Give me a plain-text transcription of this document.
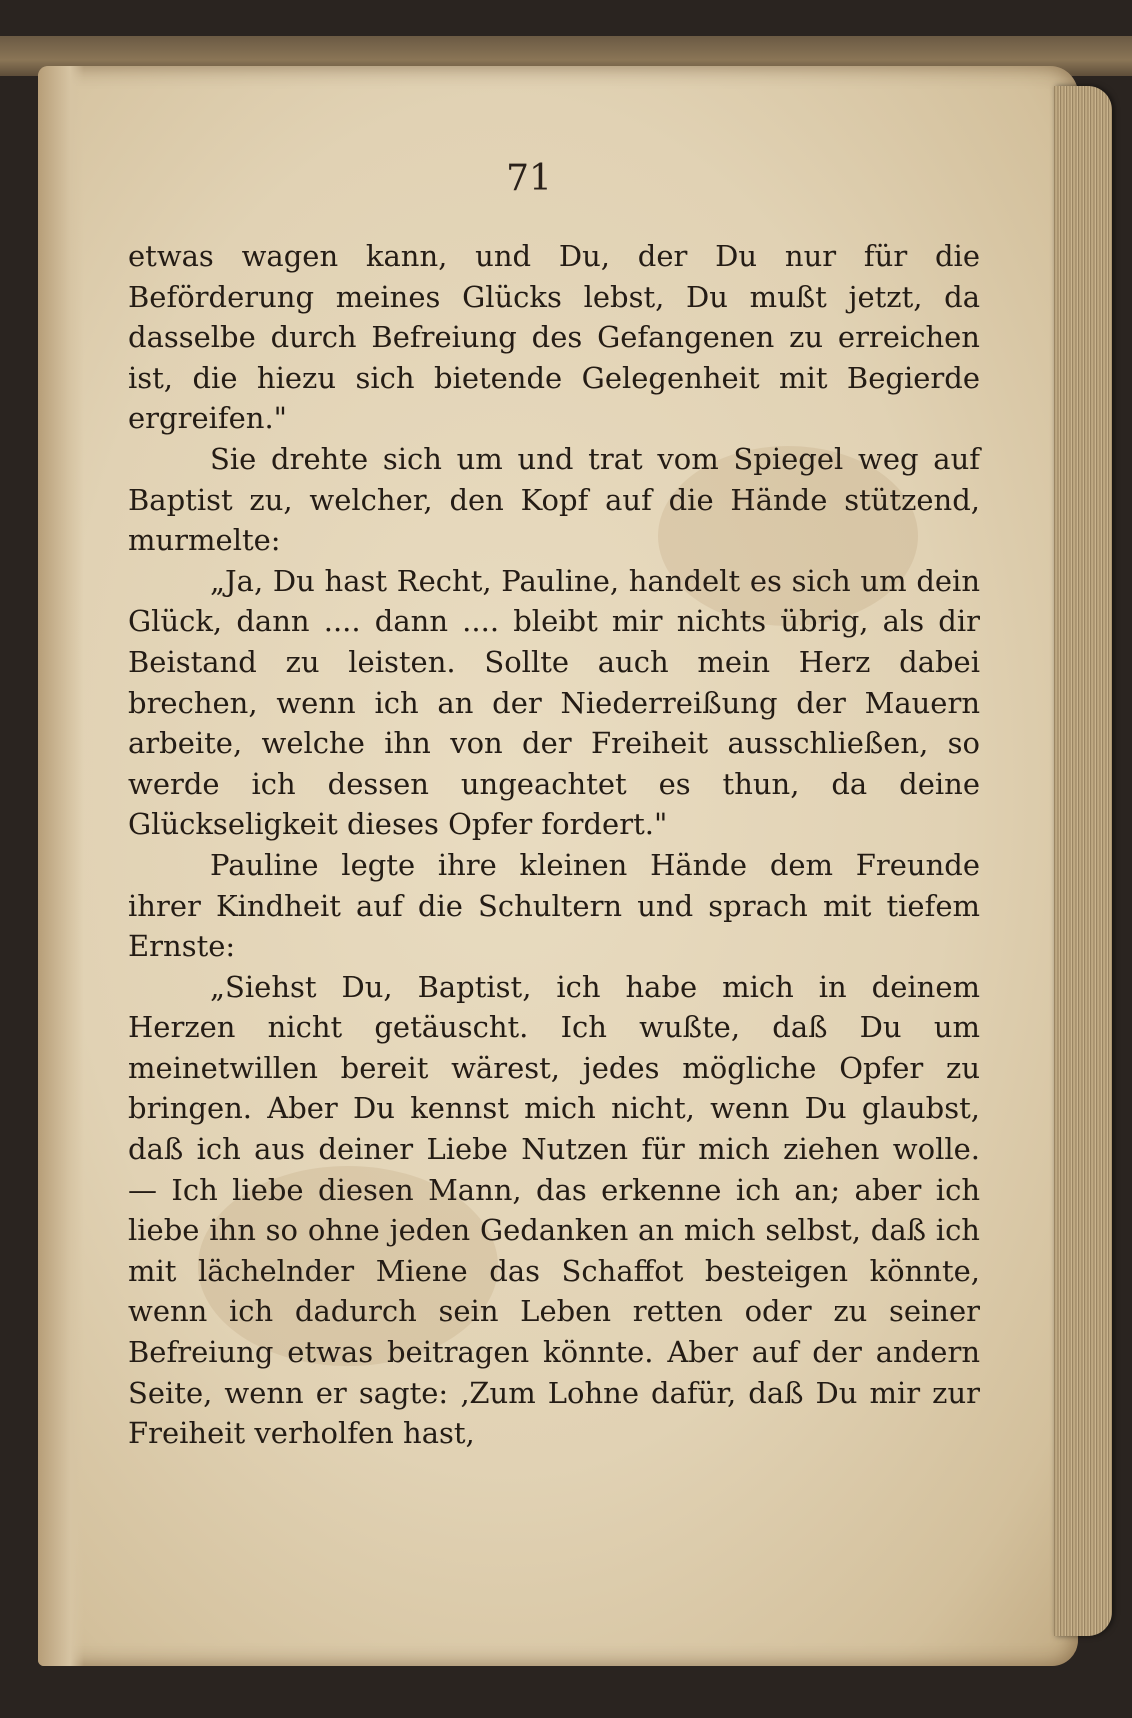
71

etwas wagen kann, und Du, der Du nur für die Beförderung meines Glücks lebst, Du mußt jetzt, da dasselbe durch Befreiung des Gefangenen zu erreichen ist, die hiezu sich bietende Gelegenheit mit Begierde ergreifen."

Sie drehte sich um und trat vom Spiegel weg auf Baptist zu, welcher, den Kopf auf die Hände stützend, murmelte:

„Ja, Du hast Recht, Pauline, handelt es sich um dein Glück, dann .... dann .... bleibt mir nichts übrig, als dir Beistand zu leisten. Sollte auch mein Herz dabei brechen, wenn ich an der Niederreißung der Mauern arbeite, welche ihn von der Freiheit ausschließen, so werde ich dessen ungeachtet es thun, da deine Glückseligkeit dieses Opfer fordert."

Pauline legte ihre kleinen Hände dem Freunde ihrer Kindheit auf die Schultern und sprach mit tiefem Ernste:

„Siehst Du, Baptist, ich habe mich in deinem Herzen nicht getäuscht. Ich wußte, daß Du um meinetwillen bereit wärest, jedes mögliche Opfer zu bringen. Aber Du kennst mich nicht, wenn Du glaubst, daß ich aus deiner Liebe Nutzen für mich ziehen wolle. — Ich liebe diesen Mann, das erkenne ich an; aber ich liebe ihn so ohne jeden Gedanken an mich selbst, daß ich mit lächelnder Miene das Schaffot besteigen könnte, wenn ich dadurch sein Leben retten oder zu seiner Befreiung etwas beitragen könnte. Aber auf der andern Seite, wenn er sagte: ‚Zum Lohne dafür, daß Du mir zur Freiheit verholfen hast,
